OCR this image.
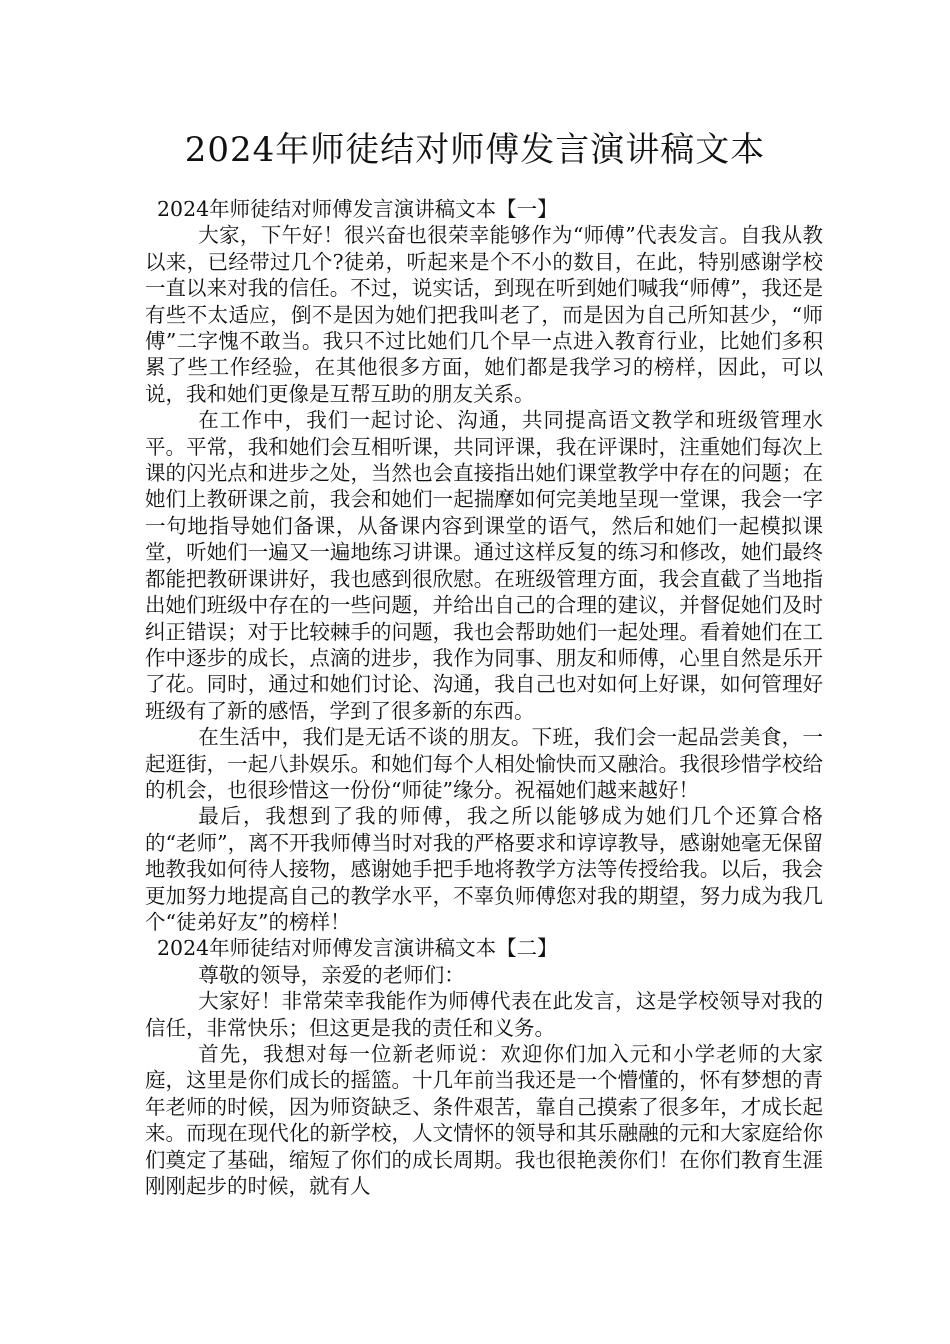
2024年师徒结对师傅发言演讲稿文本
2024年师徒结对师傅发言演讲稿文本【一】

大家，下午好！很兴奋也很荣幸能够作为“师傅”代表发言。自我从教以来，已经带过几个?徒弟，听起来是个不小的数目，在此，特别感谢学校一直以来对我的信任。不过，说实话，到现在听到她们喊我“师傅”，我还是有些不太适应，倒不是因为她们把我叫老了，而是因为自己所知甚少，“师傅”二字愧不敢当。我只不过比她们几个早一点进入教育行业，比她们多积累了些工作经验，在其他很多方面，她们都是我学习的榜样，因此，可以说，我和她们更像是互帮互助的朋友关系。

在工作中，我们一起讨论、沟通，共同提高语文教学和班级管理水平。平常，我和她们会互相听课，共同评课，我在评课时，注重她们每次上课的闪光点和进步之处，当然也会直接指出她们课堂教学中存在的问题；在她们上教研课之前，我会和她们一起揣摩如何完美地呈现一堂课，我会一字一句地指导她们备课，从备课内容到课堂的语气，然后和她们一起模拟课堂，听她们一遍又一遍地练习讲课。通过这样反复的练习和修改，她们最终都能把教研课讲好，我也感到很欣慰。在班级管理方面，我会直截了当地指出她们班级中存在的一些问题，并给出自己的合理的建议，并督促她们及时纠正错误；对于比较棘手的问题，我也会帮助她们一起处理。看着她们在工作中逐步的成长，点滴的进步，我作为同事、朋友和师傅，心里自然是乐开了花。同时，通过和她们讨论、沟通，我自己也对如何上好课，如何管理好班级有了新的感悟，学到了很多新的东西。

在生活中，我们是无话不谈的朋友。下班，我们会一起品尝美食，一起逛街，一起八卦娱乐。和她们每个人相处愉快而又融洽。我很珍惜学校给的机会，也很珍惜这一份份“师徒”缘分。祝福她们越来越好！

最后，我想到了我的师傅，我之所以能够成为她们几个还算合格的“老师”，离不开我师傅当时对我的严格要求和谆谆教导，感谢她毫无保留地教我如何待人接物，感谢她手把手地将教学方法等传授给我。以后，我会更加努力地提高自己的教学水平，不辜负师傅您对我的期望，努力成为我几个“徒弟好友”的榜样！

2024年师徒结对师傅发言演讲稿文本【二】

尊敬的领导，亲爱的老师们：

大家好！非常荣幸我能作为师傅代表在此发言，这是学校领导对我的信任，非常快乐；但这更是我的责任和义务。

首先，我想对每一位新老师说：欢迎你们加入元和小学老师的大家庭，这里是你们成长的摇篮。十几年前当我还是一个懵懂的，怀有梦想的青年老师的时候，因为师资缺乏、条件艰苦，靠自己摸索了很多年，才成长起来。而现在现代化的新学校，人文情怀的领导和其乐融融的元和大家庭给你们奠定了基础，缩短了你们的成长周期。我也很艳羡你们！在你们教育生涯刚刚起步的时候，就有人
